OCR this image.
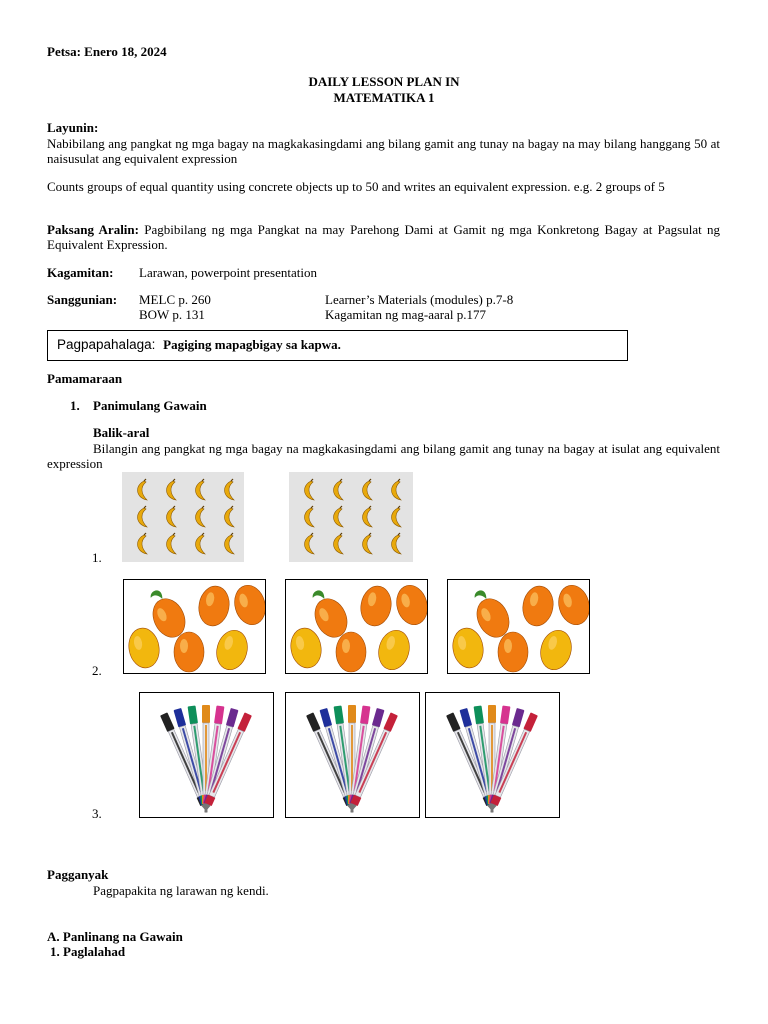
Petsa: Enero 18, 2024
DAILY LESSON PLAN IN
MATEMATIKA 1
Layunin:
Nabibilang ang pangkat ng mga bagay na magkakasingdami ang bilang gamit ang tunay na bagay na may bilang hanggang 50 at naisusulat ang equivalent expression
Counts groups of equal quantity using concrete objects up to 50 and writes an equivalent expression. e.g. 2 groups of 5
Paksang Aralin: Pagbibilang ng mga Pangkat na may Parehong Dami at Gamit ng mga Konkretong Bagay at Pagsulat ng Equivalent Expression.
Kagamitan: Larawan, powerpoint presentation
Sanggunian: MELC p. 260
BOW p. 131
Learner’s Materials (modules) p.7-8
Kagamitan ng mag-aaral p.177
Pagpapahalaga: Pagiging mapagbigay sa kapwa.
Pamamaraan
1. Panimulang Gawain
Balik-aral
Bilangin ang pangkat ng mga bagay na magkakasingdami ang bilang gamit ang tunay na bagay at isulat ang equivalent expression
1.
2.
3.
Pagganyak
Pagpapakita ng larawan ng kendi.
A. Panlinang na Gawain
1. Paglalahad
